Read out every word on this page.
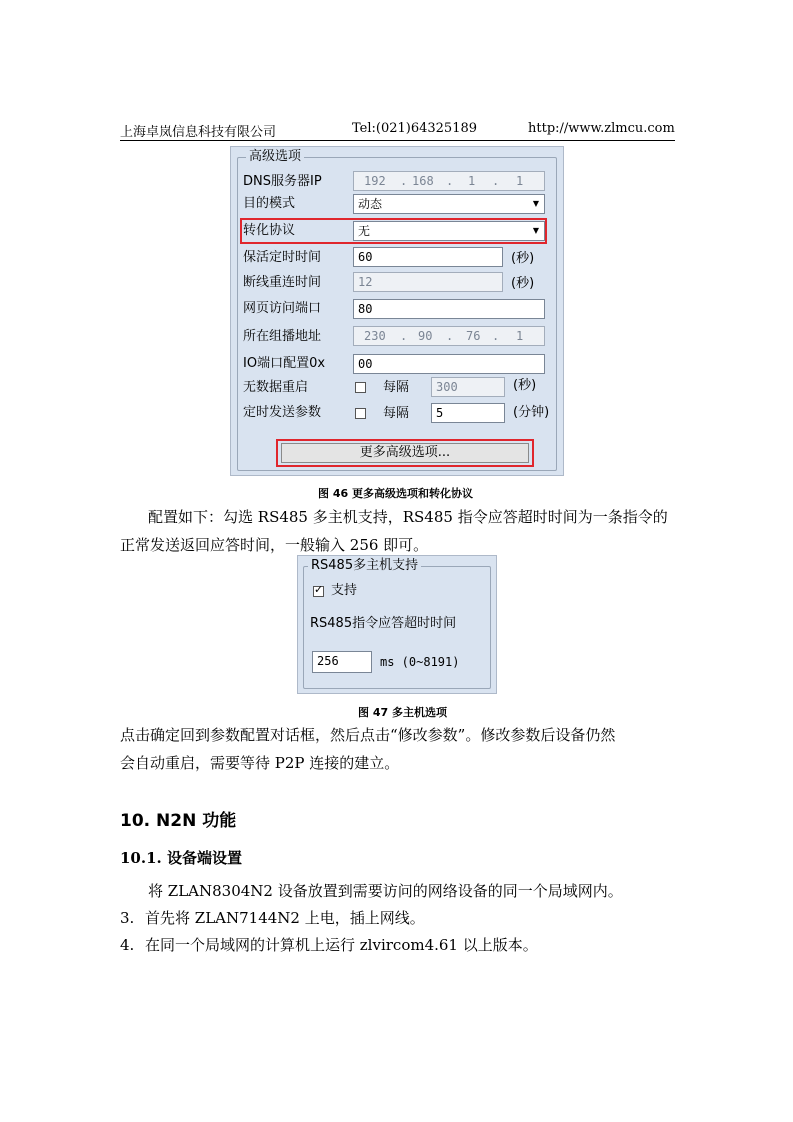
上海卓岚信息科技有限公司	Tel:(021)64325189	http://www.zlmcu.com
高级选项
DNS服务器IP	192 . 168 . 1 . 1
目的模式	动态	▼
转化协议	无	▼
保活定时时间	60	(秒)
断线重连时间	12	(秒)
网页访问端口	80
所在组播地址	230 . 90 . 76 . 1
IO端口配置0x	00
无数据重启	每隔	300	(秒)
定时发送参数	每隔	5	(分钟)
更多高级选项...
图 46 更多高级选项和转化协议
配置如下：勾选 RS485 多主机支持，RS485 指令应答超时时间为一条指令的
正常发送返回应答时间，一般输入 256 即可。
RS485多主机支持
✓
支持
RS485指令应答超时时间
256	ms (0~8191)
图 47 多主机选项
点击确定回到参数配置对话框，然后点击“修改参数”。修改参数后设备仍然
会自动重启，需要等待 P2P 连接的建立。
10. N2N 功能
10.1. 设备端设置
将 ZLAN8304N2 设备放置到需要访问的网络设备的同一个局域网内。
3. 首先将 ZLAN7144N2 上电，插上网线。
4. 在同一个局域网的计算机上运行 zlvircom4.61 以上版本。
